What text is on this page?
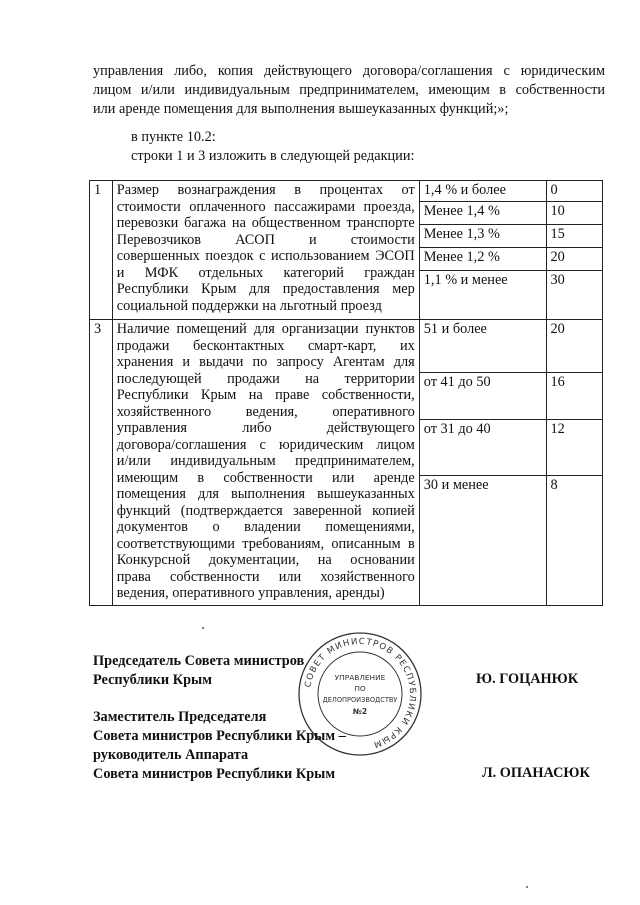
управления либо, копия действующего договора/соглашения с юридическим

лицом и/или индивидуальным предпринимателем, имеющим в собственности

или аренде помещения для выполнения вышеуказанных функций;»;

в пункте 10.2:
строки 1 и 3 изложить в следующей редакции:
1	Размер вознаграждения в процентах от
стоимости оплаченного пассажирами проезда,
перевозки багажа на общественном транспорте
Перевозчиков АСОП и стоимости
совершенных поездок с использованием ЭСОП
и МФК отдельных категорий граждан
Республики Крым для предоставления мер
социальной поддержки на льготный проезд

1,4 % и более	0
Менее 1,4 %	10
Менее 1,3 %	15
Менее 1,2 %	20
1,1 % и менее	30

3	Наличие помещений для организации пунктов
продажи бесконтактных смарт-карт, их
хранения и выдачи по запросу Агентам для
последующей продажи на территории
Республики Крым на праве собственности,
хозяйственного ведения, оперативного
управления либо действующего
договора/соглашения с юридическим лицом
и/или индивидуальным предпринимателем,
имеющим в собственности или аренде
помещения для выполнения вышеуказанных
функций (подтверждается заверенной копией
документов о владении помещениями,
соответствующими требованиям, описанным в
Конкурсной документации, на основании
права собственности или хозяйственного
ведения, оперативного управления, аренды)

51 и более	20
от 41 до 50	16
от 31 до 40	12
30 и менее	8
СОВЕТ МИНИСТРОВ РЕСПУБЛИКИ КРЫМ
УПРАВЛЕНИЕ
ПО
ДЕЛОПРОИЗВОДСТВУ
№2
Председатель Совета министров
Республики Крым	Ю. ГОЦАНЮК
Заместитель Председателя
Совета министров Республики Крым –
руководитель Аппарата
Совета министров Республики Крым	Л. ОПАНАСЮК
